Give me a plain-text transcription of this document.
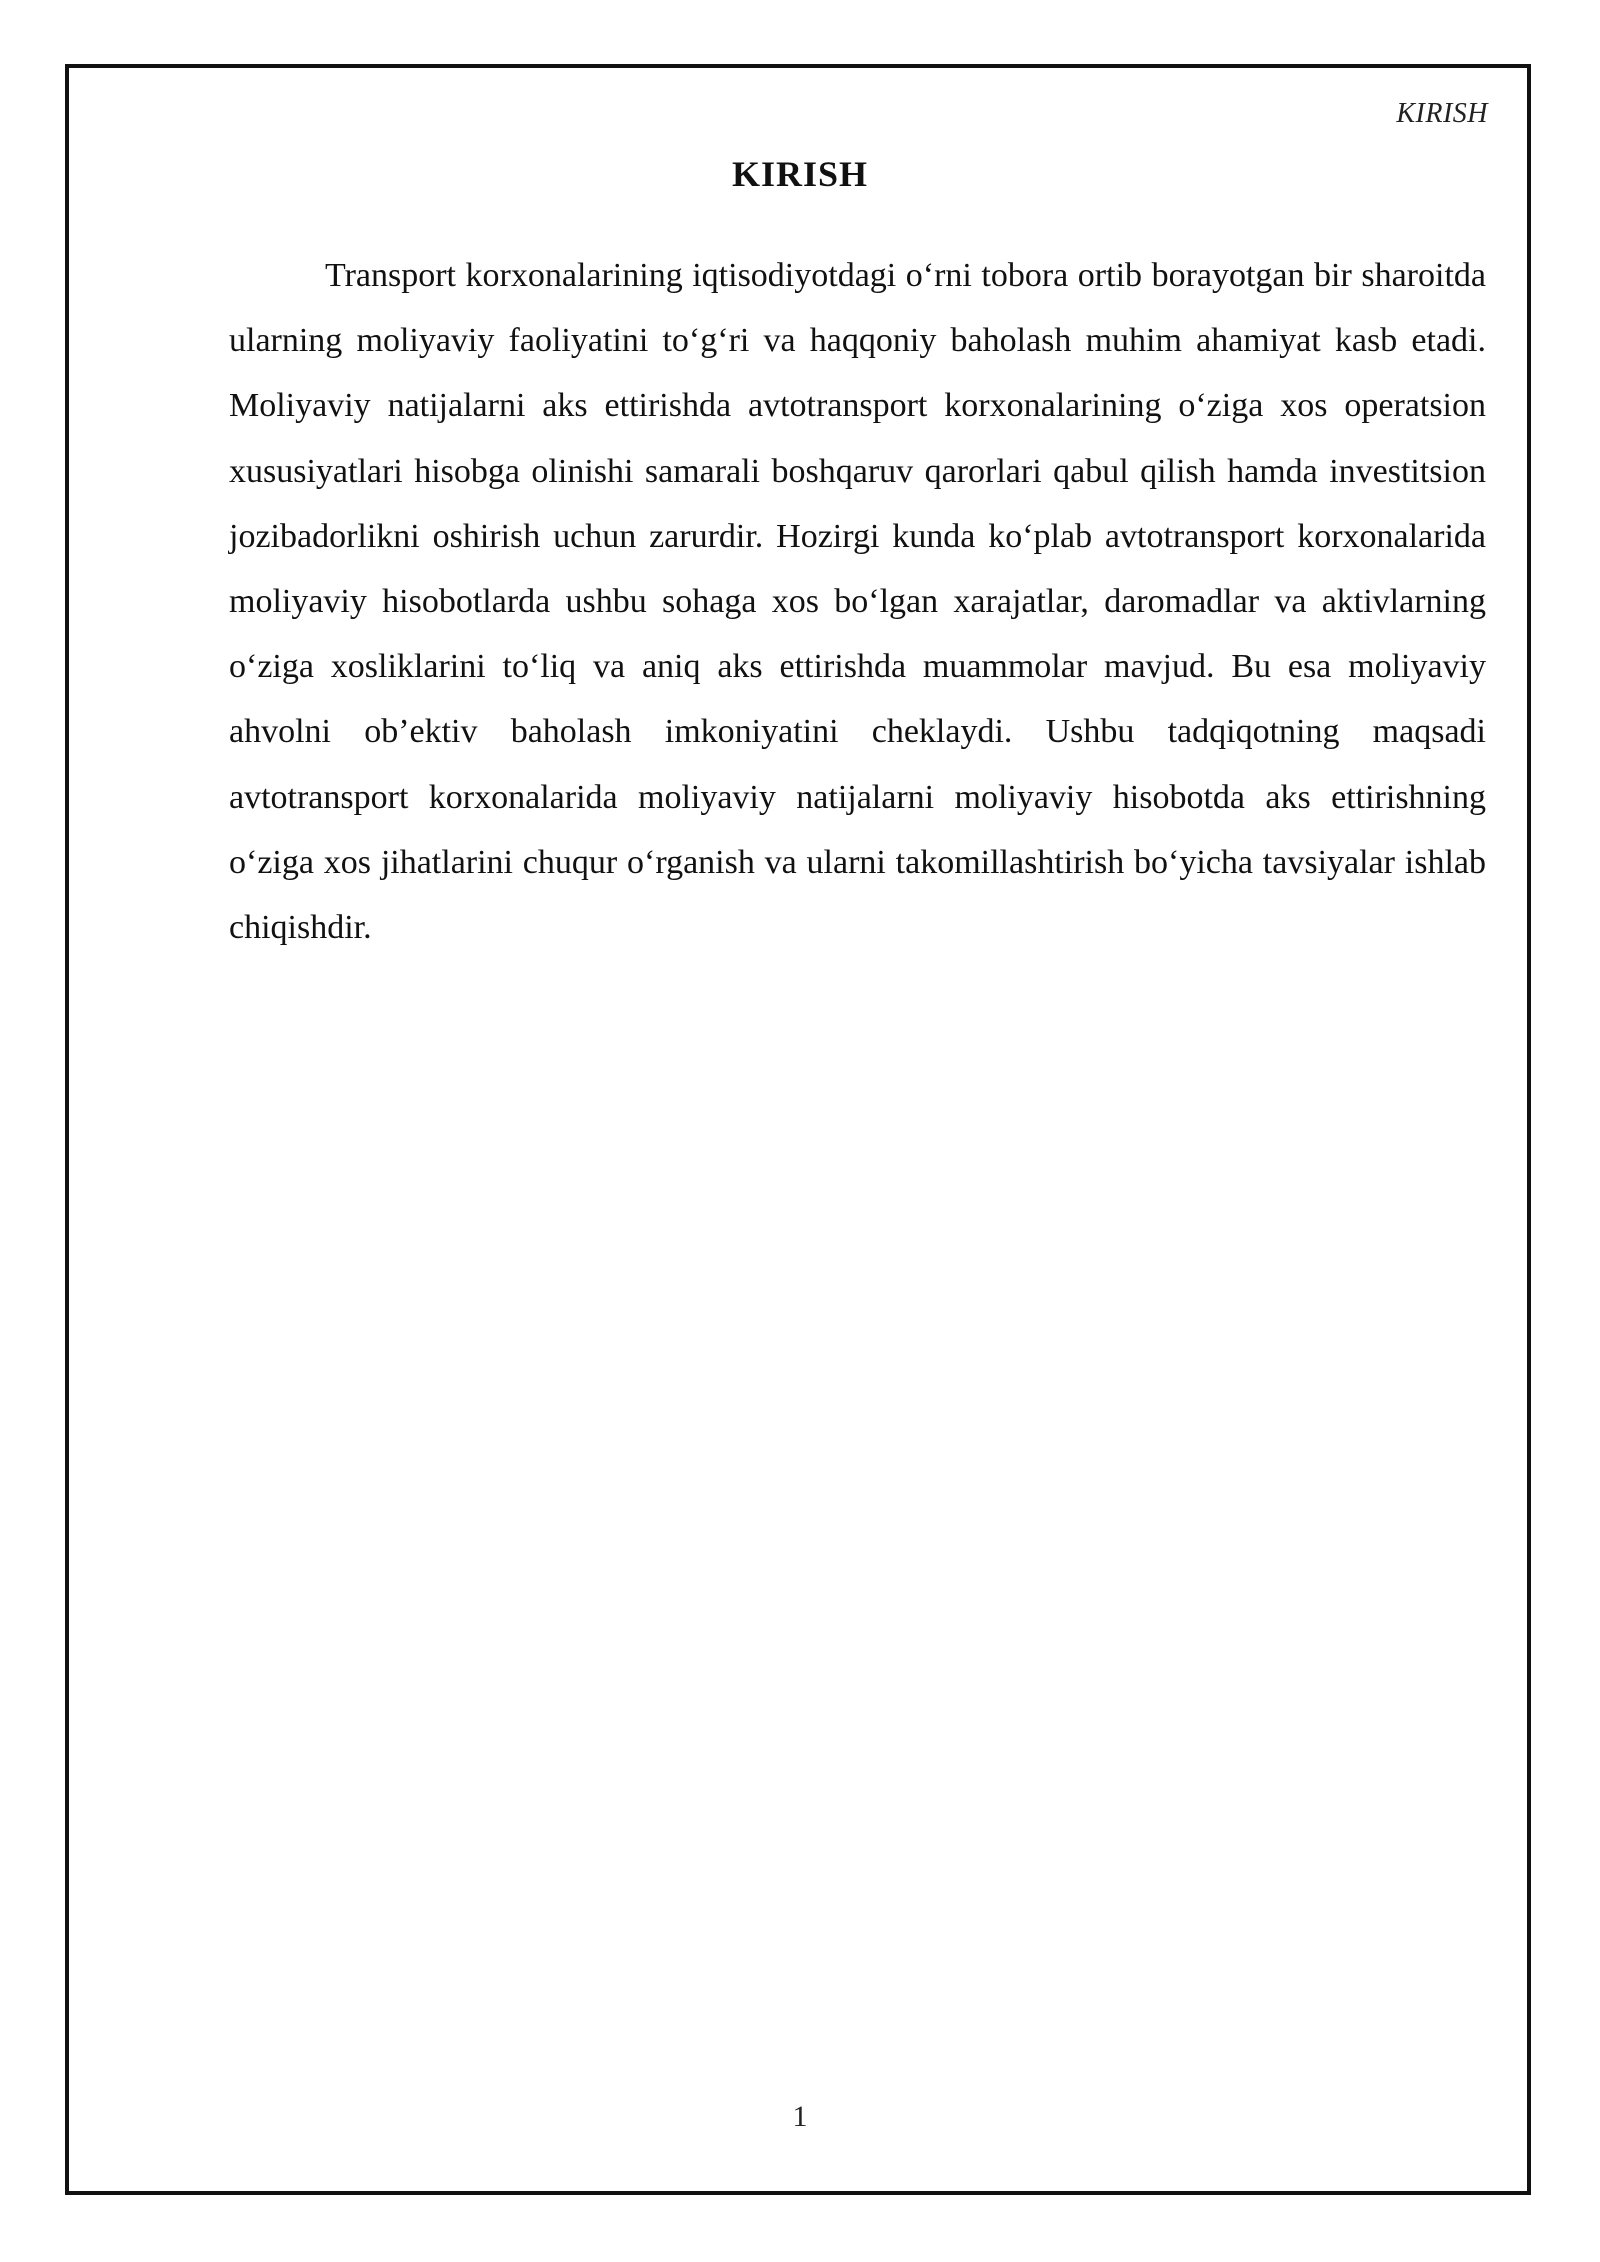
KIRISH
KIRISH

Transport korxonalarining iqtisodiyotdagi o‘rni tobora ortib borayotgan bir sharoitda ularning moliyaviy faoliyatini to‘g‘ri va haqqoniy baholash muhim ahamiyat kasb etadi. Moliyaviy natijalarni aks ettirishda avtotransport korxonalarining o‘ziga xos operatsion xususiyatlari hisobga olinishi samarali boshqaruv qarorlari qabul qilish hamda investitsion jozibadorlikni oshirish uchun zarurdir. Hozirgi kunda ko‘plab avtotransport korxonalarida moliyaviy hisobotlarda ushbu sohaga xos bo‘lgan xarajatlar, daromadlar va aktivlarning o‘ziga xosliklarini to‘liq va aniq aks ettirishda muammolar mavjud. Bu esa moliyaviy ahvolni ob’ektiv baholash imkoniyatini cheklaydi. Ushbu tadqiqotning maqsadi avtotransport korxonalarida moliyaviy natijalarni moliyaviy hisobotda aks ettirishning o‘ziga xos jihatlarini chuqur o‘rganish va ularni takomillashtirish bo‘yicha tavsiyalar ishlab chiqishdir.

1
